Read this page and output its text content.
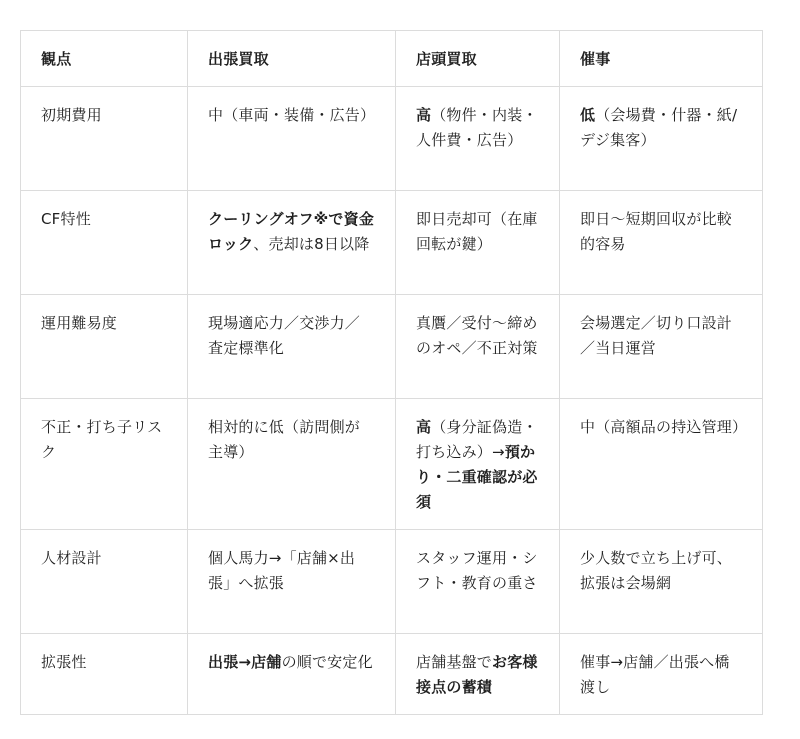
観点	出張買取	店頭買取	催事
初期費用	中（車両・装備・広告）	高（物件・内装・人件費・広告）	低（会場費・什器・紙/デジ集客）
CF特性	クーリングオフ※で資金ロック、売却は8日以降	即日売却可（在庫回転が鍵）	即日〜短期回収が比較的容易
運用難易度	現場適応力／交渉力／査定標準化	真贋／受付〜締めのオペ／不正対策	会場選定／切り口設計／当日運営
不正・打ち子リスク	相対的に低（訪問側が主導）	高（身分証偽造・打ち込み）→預かり・二重確認が必須	中（高額品の持込管理）
人材設計	個人馬力→「店舗×出張」へ拡張	スタッフ運用・シフト・教育の重さ	少人数で立ち上げ可、拡張は会場網
拡張性	出張→店舗の順で安定化	店舗基盤でお客様接点の蓄積	催事→店舗／出張へ橋渡し
